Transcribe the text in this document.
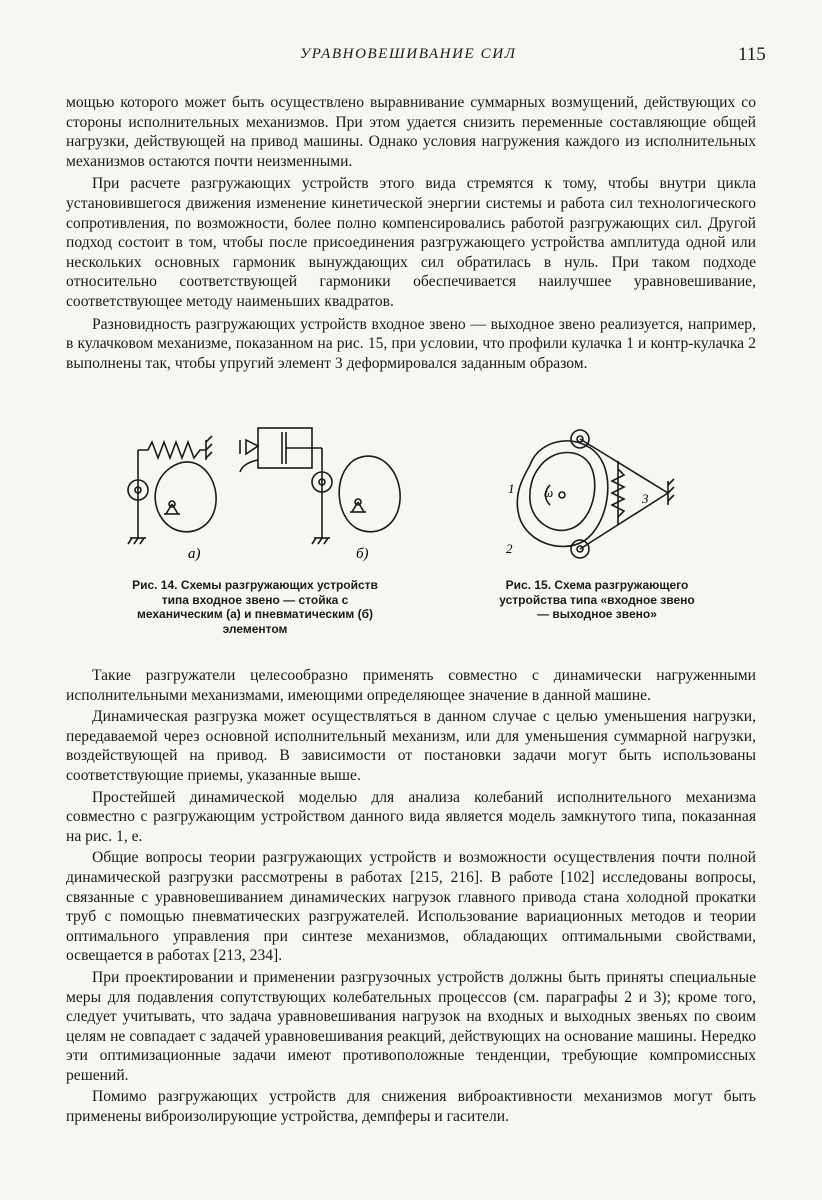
УРАВНОВЕШИВАНИЕ СИЛ	115

мощью которого может быть осуществлено выравнивание суммарных возмущений, действующих со стороны исполнительных механизмов. При этом удается снизить переменные составляющие общей нагрузки, действующей на привод машины. Однако условия нагружения каждого из исполнительных механизмов остаются почти неизменными.

При расчете разгружающих устройств этого вида стремятся к тому, чтобы внутри цикла установившегося движения изменение кинетической энергии системы и работа сил технологического сопротивления, по возможности, более полно компенсировались работой разгружающих сил. Другой подход состоит в том, чтобы после присоединения разгружающего устройства амплитуда одной или нескольких основных гармоник вынуждающих сил обратилась в нуль. При таком подходе относительно соответствующей гармоники обеспечивается наилучшее уравновешивание, соответствующее методу наименьших квадратов.

Разновидность разгружающих устройств входное звено — выходное звено реализуется, например, в кулачковом механизме, показанном на рис. 15, при условии, что профили кулачка 1 и контр-кулачка 2 выполнены так, чтобы упругий элемент 3 деформировался заданным образом.

а)	б)
1
2
3
ω
Рис. 14. Схемы разгружающих устройств типа входное звено — стойка с механическим (а) и пневматическим (б) элементом
Рис. 15. Схема разгружающего устройства типа «входное звено — выходное звено»

Такие разгружатели целесообразно применять совместно с динамически нагруженными исполнительными механизмами, имеющими определяющее значение в данной машине.

Динамическая разгрузка может осуществляться в данном случае с целью уменьшения нагрузки, передаваемой через основной исполнительный механизм, или для уменьшения суммарной нагрузки, воздействующей на привод. В зависимости от постановки задачи могут быть использованы соответствующие приемы, указанные выше.

Простейшей динамической моделью для анализа колебаний исполнительного механизма совместно с разгружающим устройством данного вида является модель замкнутого типа, показанная на рис. 1, е.

Общие вопросы теории разгружающих устройств и возможности осуществления почти полной динамической разгрузки рассмотрены в работах [215, 216]. В работе [102] исследованы вопросы, связанные с уравновешиванием динамических нагрузок главного привода стана холодной прокатки труб с помощью пневматических разгружателей. Использование вариационных методов и теории оптимального управления при синтезе механизмов, обладающих оптимальными свойствами, освещается в работах [213, 234].

При проектировании и применении разгрузочных устройств должны быть приняты специальные меры для подавления сопутствующих колебательных процессов (см. параграфы 2 и 3); кроме того, следует учитывать, что задача уравновешивания нагрузок на входных и выходных звеньях по своим целям не совпадает с задачей уравновешивания реакций, действующих на основание машины. Нередко эти оптимизационные задачи имеют противоположные тенденции, требующие компромиссных решений.

Помимо разгружающих устройств для снижения виброактивности механизмов могут быть применены виброизолирующие устройства, демпферы и гасители.
